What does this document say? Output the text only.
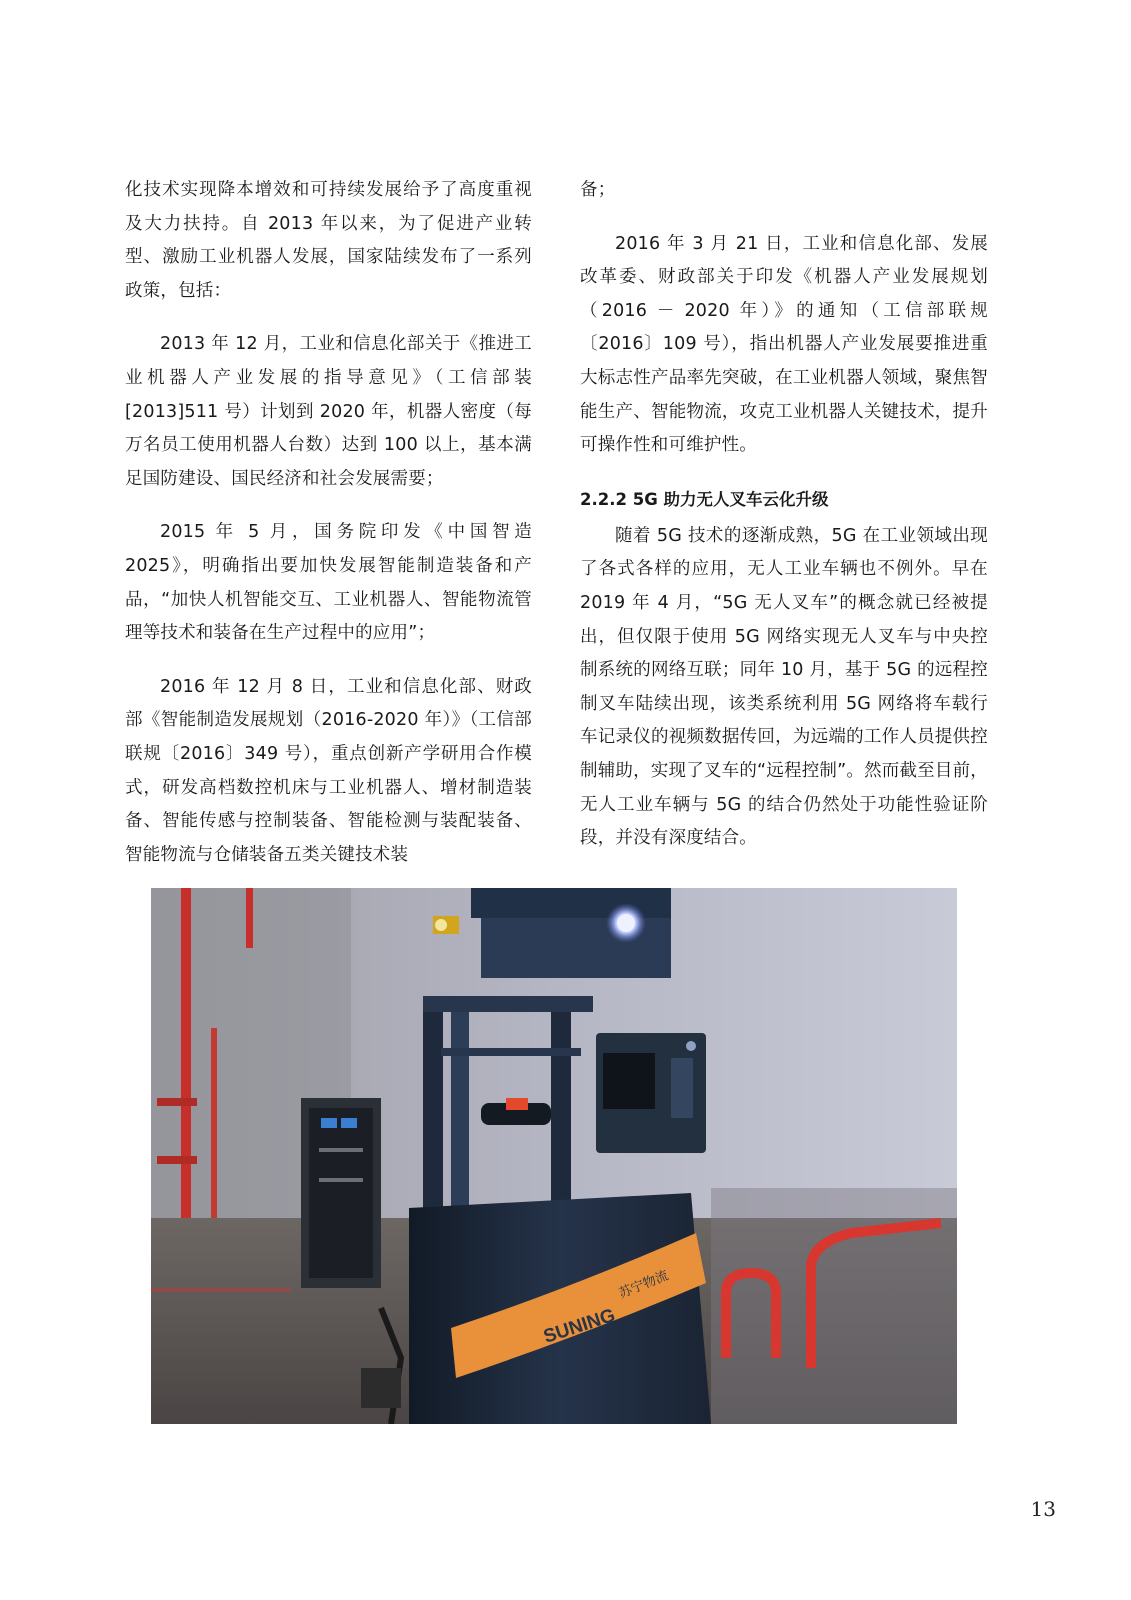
化技术实现降本增效和可持续发展给予了高度重视及大力扶持。自 2013 年以来，为了促进产业转型、激励工业机器人发展，国家陆续发布了一系列政策，包括：

2013 年 12 月，工业和信息化部关于《推进工业机器人产业发展的指导意见》（工信部装[2013]511 号）计划到 2020 年，机器人密度（每万名员工使用机器人台数）达到 100 以上，基本满足国防建设、国民经济和社会发展需要；

2015 年 5 月，国务院印发《中国智造 2025》，明确指出要加快发展智能制造装备和产品，“加快人机智能交互、工业机器人、智能物流管理等技术和装备在生产过程中的应用”；

2016 年 12 月 8 日，工业和信息化部、财政部《智能制造发展规划（2016-2020 年）》（工信部联规〔2016〕349 号），重点创新产学研用合作模式，研发高档数控机床与工业机器人、增材制造装备、智能传感与控制装备、智能检测与装配装备、智能物流与仓储装备五类关键技术装

备；

2016 年 3 月 21 日，工业和信息化部、发展改革委、财政部关于印发《机器人产业发展规划（2016 － 2020 年）》的通知（工信部联规〔2016〕109 号），指出机器人产业发展要推进重大标志性产品率先突破，在工业机器人领域，聚焦智能生产、智能物流，攻克工业机器人关键技术，提升可操作性和可维护性。

2.2.2 5G 助力无人叉车云化升级

随着 5G 技术的逐渐成熟，5G 在工业领域出现了各式各样的应用，无人工业车辆也不例外。早在 2019 年 4 月，“5G 无人叉车”的概念就已经被提出，但仅限于使用 5G 网络实现无人叉车与中央控制系统的网络互联；同年 10 月，基于 5G 的远程控制叉车陆续出现，该类系统利用 5G 网络将车载行车记录仪的视频数据传回，为远端的工作人员提供控制辅助，实现了叉车的“远程控制”。然而截至目前，无人工业车辆与 5G 的结合仍然处于功能性验证阶段，并没有深度结合。

SUNING
苏宁物流
13
